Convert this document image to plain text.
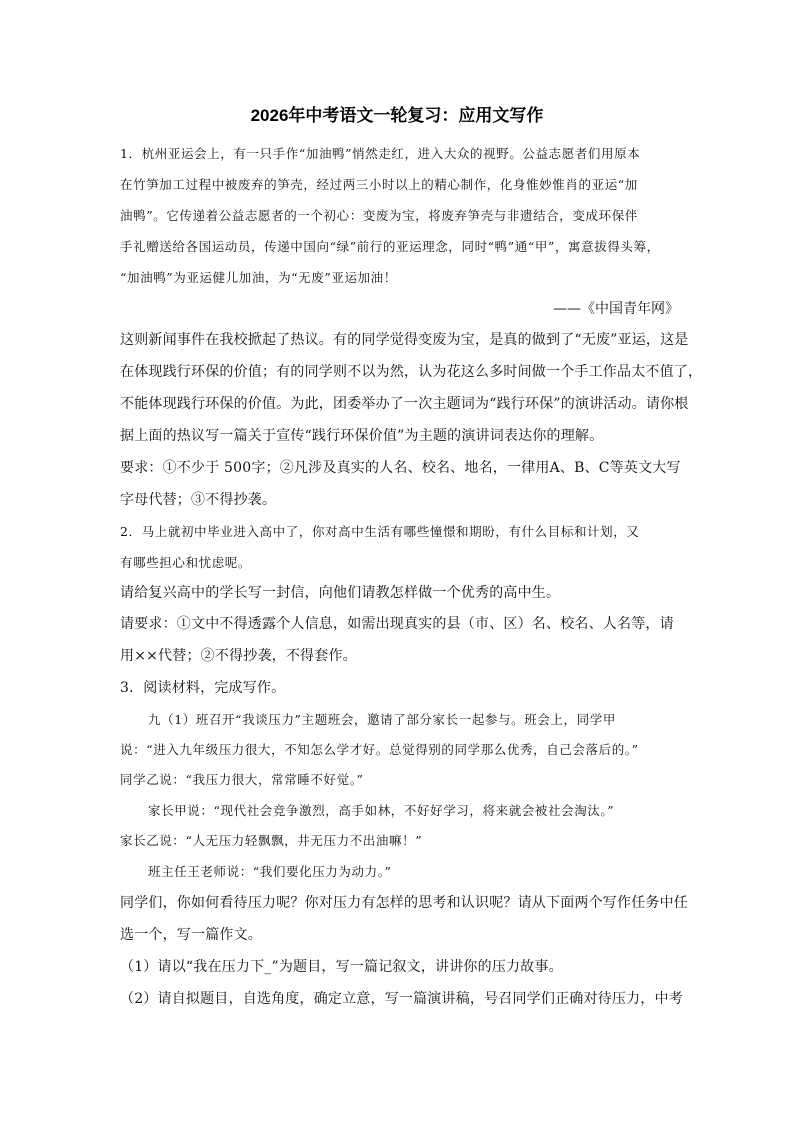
2026年中考语文一轮复习：应用文写作
1．杭州亚运会上，有一只手作“加油鸭”悄然走红，进入大众的视野。公益志愿者们用原本
在竹笋加工过程中被废弃的笋壳，经过两三小时以上的精心制作，化身惟妙惟肖的亚运“加
油鸭”。它传递着公益志愿者的一个初心：变废为宝，将废弃笋壳与非遗结合，变成环保伴
手礼赠送给各国运动员，传递中国向“绿”前行的亚运理念，同时“鸭”通“甲”，寓意拔得头筹，
“加油鸭”为亚运健儿加油，为“无废”亚运加油！
——《中国青年网》
这则新闻事件在我校掀起了热议。有的同学觉得变废为宝，是真的做到了“无废”亚运，这是
在体现践行环保的价值；有的同学则不以为然，认为花这么多时间做一个手工作品太不值了，
不能体现践行环保的价值。为此，团委举办了一次主题词为“践行环保”的演讲活动。请你根
据上面的热议写一篇关于宣传“践行环保价值”为主题的演讲词表达你的理解。
要求：①不少于 500字；②凡涉及真实的人名、校名、地名，一律用A、B、C等英文大写
字母代替；③不得抄袭。
2．马上就初中毕业进入高中了，你对高中生活有哪些憧憬和期盼，有什么目标和计划，又
有哪些担心和忧虑呢。
请给复兴高中的学长写一封信，向他们请教怎样做一个优秀的高中生。
请要求：①文中不得透露个人信息，如需出现真实的县（市、区）名、校名、人名等，请
用××代替；②不得抄袭，不得套作。
3．阅读材料，完成写作。
九（1）班召开“我谈压力”主题班会，邀请了部分家长一起参与。班会上，同学甲
说：“进入九年级压力很大，不知怎么学才好。总觉得别的同学那么优秀，自己会落后的。”
同学乙说：“我压力很大，常常睡不好觉。”
家长甲说：“现代社会竞争激烈，高手如林，不好好学习，将来就会被社会淘汰。”
家长乙说：“人无压力轻飘飘，井无压力不出油嘛！”
班主任王老师说：“我们要化压力为动力。”
同学们，你如何看待压力呢？你对压力有怎样的思考和认识呢？请从下面两个写作任务中任
选一个，写一篇作文。
（1）请以“我在压力下_”为题目，写一篇记叙文，讲讲你的压力故事。
（2）请自拟题目，自选角度，确定立意，写一篇演讲稿，号召同学们正确对待压力，中考
